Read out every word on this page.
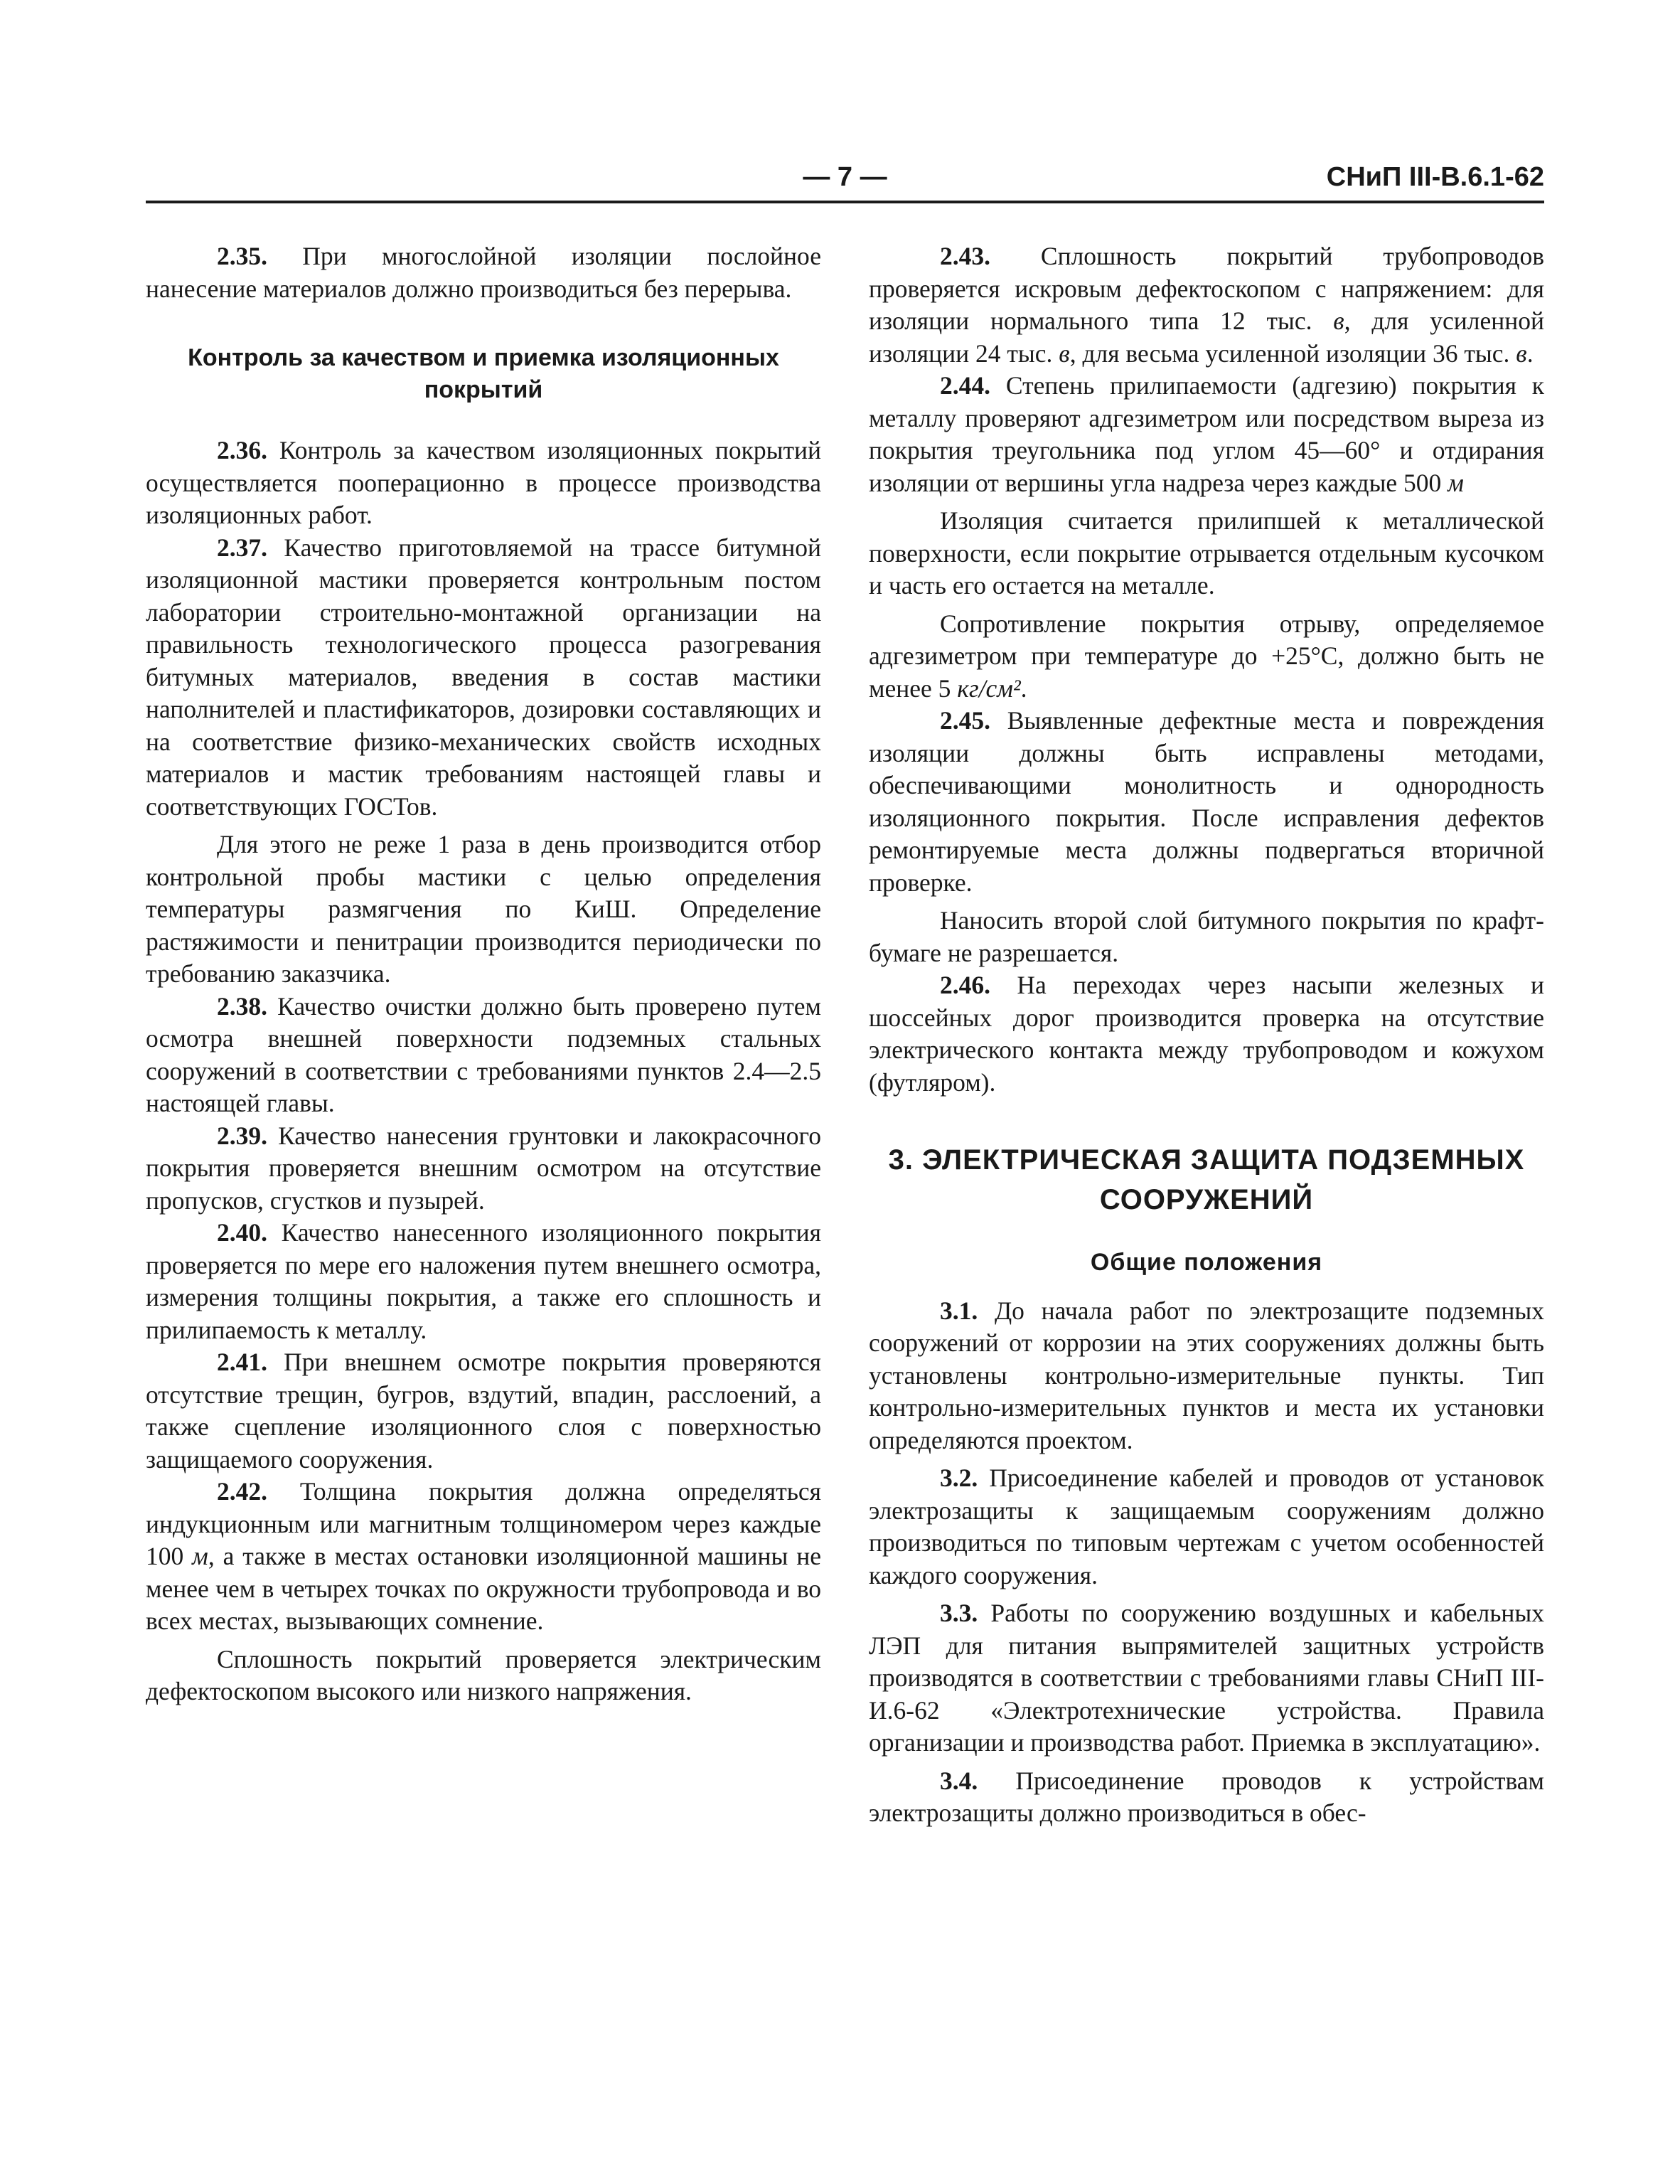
— 7 —	СНиП III-В.6.1-62

2.35. При многослойной изоляции послойное нанесение материалов должно производиться без перерыва.

Контроль за качеством и приемка изоляционных покрытий

2.36. Контроль за качеством изоляционных покрытий осуществляется пооперационно в процессе производства изоляционных работ.

2.37. Качество приготовляемой на трассе битумной изоляционной мастики проверяется контрольным постом лаборатории строительно-монтажной организации на правильность технологического процесса разогревания битумных материалов, введения в состав мастики наполнителей и пластификаторов, дозировки составляющих и на соответствие физико-механических свойств исходных материалов и мастик требованиям настоящей главы и соответствующих ГОСТов.

Для этого не реже 1 раза в день производится отбор контрольной пробы мастики с целью определения температуры размягчения по КиШ. Определение растяжимости и пенитрации производится периодически по требованию заказчика.

2.38. Качество очистки должно быть проверено путем осмотра внешней поверхности подземных стальных сооружений в соответствии с требованиями пунктов 2.4—2.5 настоящей главы.

2.39. Качество нанесения грунтовки и лакокрасочного покрытия проверяется внешним осмотром на отсутствие пропусков, сгустков и пузырей.

2.40. Качество нанесенного изоляционного покрытия проверяется по мере его наложения путем внешнего осмотра, измерения толщины покрытия, а также его сплошность и прилипаемость к металлу.

2.41. При внешнем осмотре покрытия проверяются отсутствие трещин, бугров, вздутий, впадин, расслоений, а также сцепление изоляционного слоя с поверхностью защищаемого сооружения.

2.42. Толщина покрытия должна определяться индукционным или магнитным толщиномером через каждые 100 м, а также в местах остановки изоляционной машины не менее чем в четырех точках по окружности трубопровода и во всех местах, вызывающих сомнение.

Сплошность покрытий проверяется электрическим дефектоскопом высокого или низкого напряжения.

2.43. Сплошность покрытий трубопроводов проверяется искровым дефектоскопом с напряжением: для изоляции нормального типа 12 тыс. в, для усиленной изоляции 24 тыс. в, для весьма усиленной изоляции 36 тыс. в.

2.44. Степень прилипаемости (адгезию) покрытия к металлу проверяют адгезиметром или посредством выреза из покрытия треугольника под углом 45—60° и отдирания изоляции от вершины угла надреза через каждые 500 м

Изоляция считается прилипшей к металлической поверхности, если покрытие отрывается отдельным кусочком и часть его остается на металле.

Сопротивление покрытия отрыву, определяемое адгезиметром при температуре до +25°С, должно быть не менее 5 кг/см².

2.45. Выявленные дефектные места и повреждения изоляции должны быть исправлены методами, обеспечивающими монолитность и однородность изоляционного покрытия. После исправления дефектов ремонтируемые места должны подвергаться вторичной проверке.

Наносить второй слой битумного покрытия по крафт-бумаге не разрешается.

2.46. На переходах через насыпи железных и шоссейных дорог производится проверка на отсутствие электрического контакта между трубопроводом и кожухом (футляром).

3. ЭЛЕКТРИЧЕСКАЯ ЗАЩИТА ПОДЗЕМНЫХ СООРУЖЕНИЙ
Общие положения

3.1. До начала работ по электрозащите подземных сооружений от коррозии на этих сооружениях должны быть установлены контрольно-измерительные пункты. Тип контрольно-измерительных пунктов и места их установки определяются проектом.

3.2. Присоединение кабелей и проводов от установок электрозащиты к защищаемым сооружениям должно производиться по типовым чертежам с учетом особенностей каждого сооружения.

3.3. Работы по сооружению воздушных и кабельных ЛЭП для питания выпрямителей защитных устройств производятся в соответствии с требованиями главы СНиП III-И.6-62 «Электротехнические устройства. Правила организации и производства работ. Приемка в эксплуатацию».

3.4. Присоединение проводов к устройствам электрозащиты должно производиться в обес-
